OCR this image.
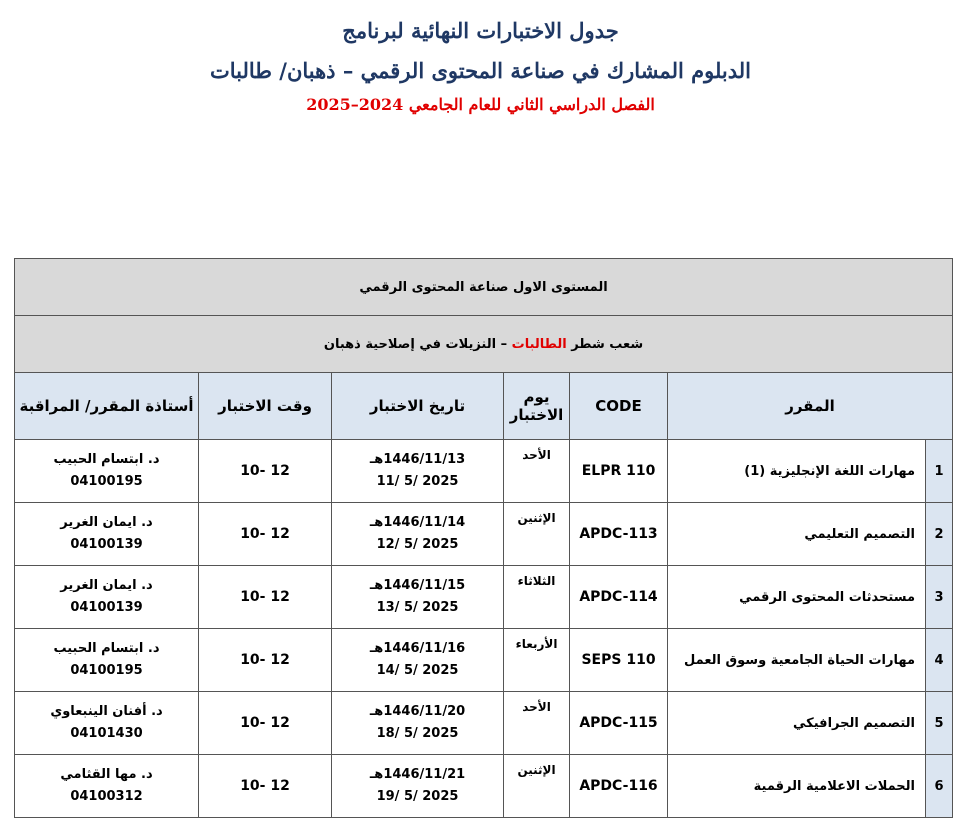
جدول الاختبارات النهائية لبرنامج
الدبلوم المشارك في صناعة المحتوى الرقمي – ذهبان/ طالبات
الفصل الدراسي الثاني للعام الجامعي 2024–2025
المستوى الاول صناعة المحتوى الرقمي						
شعب شطر الطالبات – النزيلات في إصلاحية ذهبان						
المقرر		CODE	يوم الاختبار	تاريخ الاختبار	وقت الاختبار	أستاذة المقرر/ المراقبة
1	مهارات اللغة الإنجليزية (1)	ELPR 110	الأحد	1446/11/13هـ
2025 /5 /11	10- 12	د. ابتسام الحبيب
04100195

2	التصميم التعليمي	APDC-113	الإثنين	1446/11/14هـ
2025 /5 /12	10- 12	د. ايمان الغرير
04100139

3	مستحدثات المحتوى الرقمي	APDC-114	الثلاثاء	1446/11/15هـ
2025 /5 /13	10- 12	د. ايمان الغرير
04100139

4	مهارات الحياة الجامعية وسوق العمل	SEPS 110	الأربعاء	1446/11/16هـ
2025 /5 /14	10- 12	د. ابتسام الحبيب
04100195

5	التصميم الجرافيكي	APDC-115	الأحد	1446/11/20هـ
2025 /5 /18	10- 12	د. أفنان الينبعاوي
04101430

6	الحملات الاعلامية الرقمية	APDC-116	الإثنين	1446/11/21هـ
2025 /5 /19	10- 12	د. مها القثامي
04100312
